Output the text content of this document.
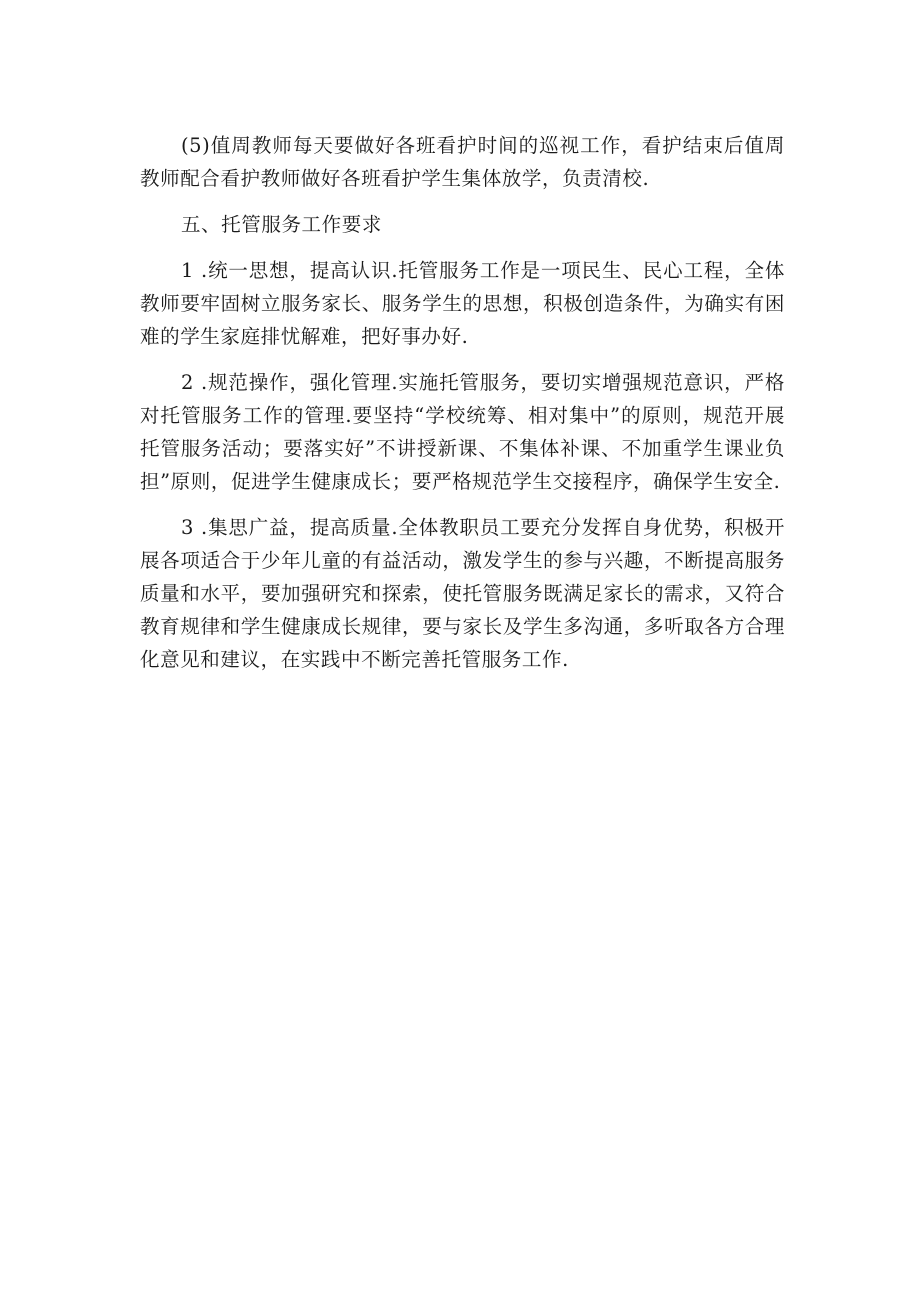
(5)值周教师每天要做好各班看护时间的巡视工作，看护结束后值周教师配合看护教师做好各班看护学生集体放学，负责清校.

五、托管服务工作要求

1 .统一思想，提高认识.托管服务工作是一项民生、民心工程，全体教师要牢固树立服务家长、服务学生的思想，积极创造条件，为确实有困难的学生家庭排忧解难，把好事办好.

2 .规范操作，强化管理.实施托管服务，要切实增强规范意识，严格对托管服务工作的管理.要坚持“学校统筹、相对集中”的原则，规范开展托管服务活动；要落实好”不讲授新课、不集体补课、不加重学生课业负担”原则，促进学生健康成长；要严格规范学生交接程序，确保学生安全.

3 .集思广益，提高质量.全体教职员工要充分发挥自身优势，积极开展各项适合于少年儿童的有益活动，激发学生的参与兴趣，不断提高服务质量和水平，要加强研究和探索，使托管服务既满足家长的需求，又符合教育规律和学生健康成长规律，要与家长及学生多沟通，多听取各方合理化意见和建议，在实践中不断完善托管服务工作.
